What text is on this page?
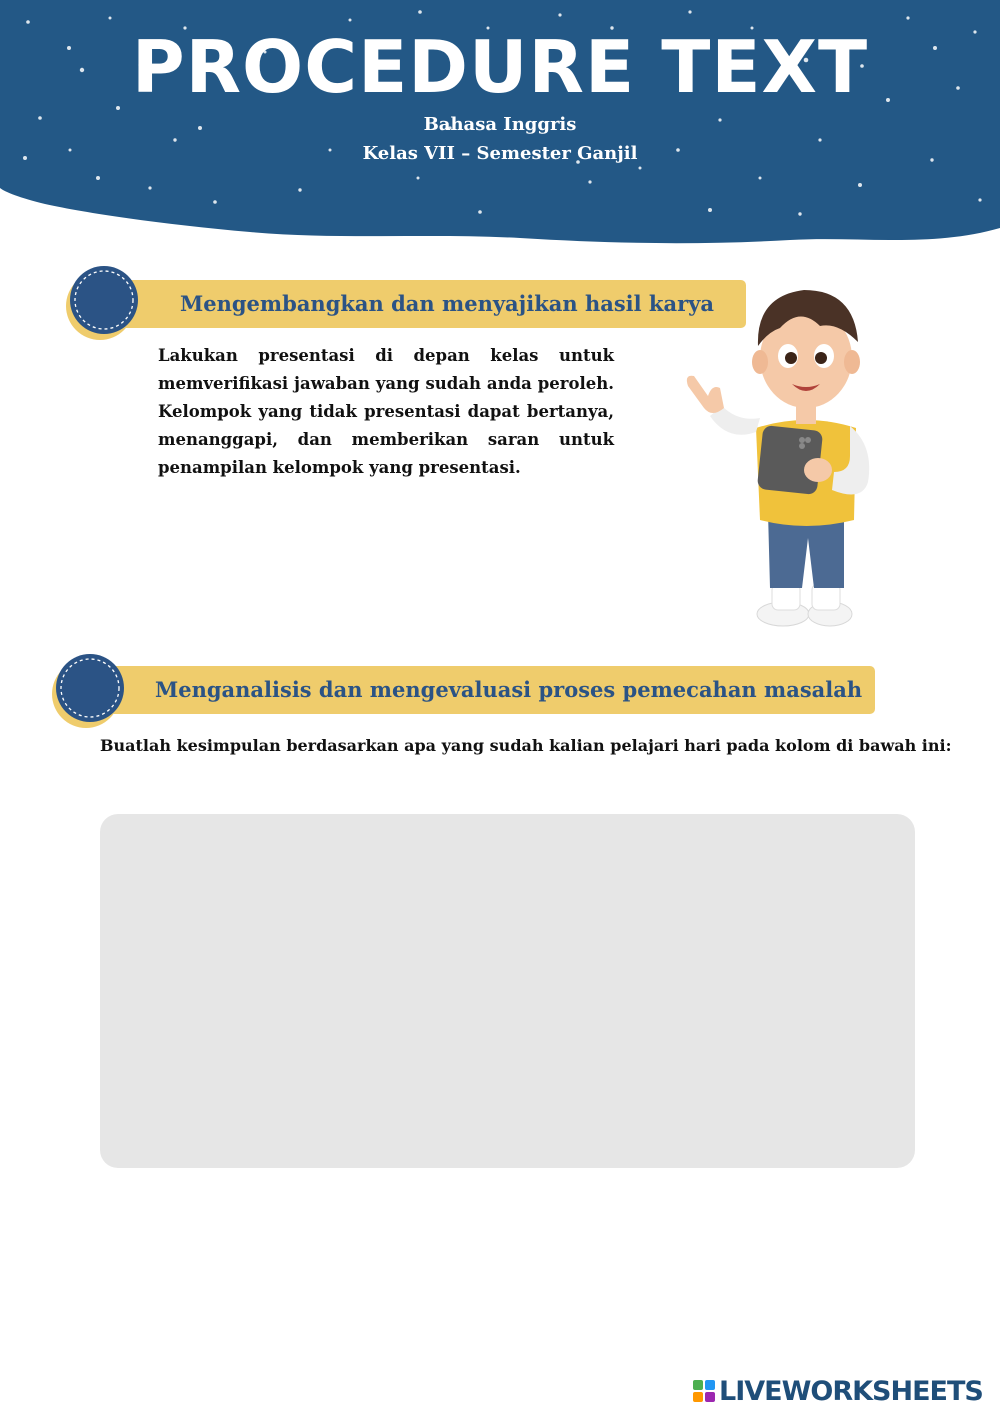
PROCEDURE TEXT
Bahasa Inggris
Kelas VII – Semester Ganjil
Mengembangkan dan menyajikan hasil karya

Lakukan presentasi di depan kelas untuk memverifikasi jawaban yang sudah anda peroleh. Kelompok yang tidak presentasi dapat bertanya, menanggapi, dan memberikan saran untuk penampilan kelompok yang presentasi.

Menganalisis dan mengevaluasi proses pemecahan masalah

Buatlah kesimpulan berdasarkan apa yang sudah kalian pelajari hari pada kolom di bawah ini:

LIVEWORKSHEETS
